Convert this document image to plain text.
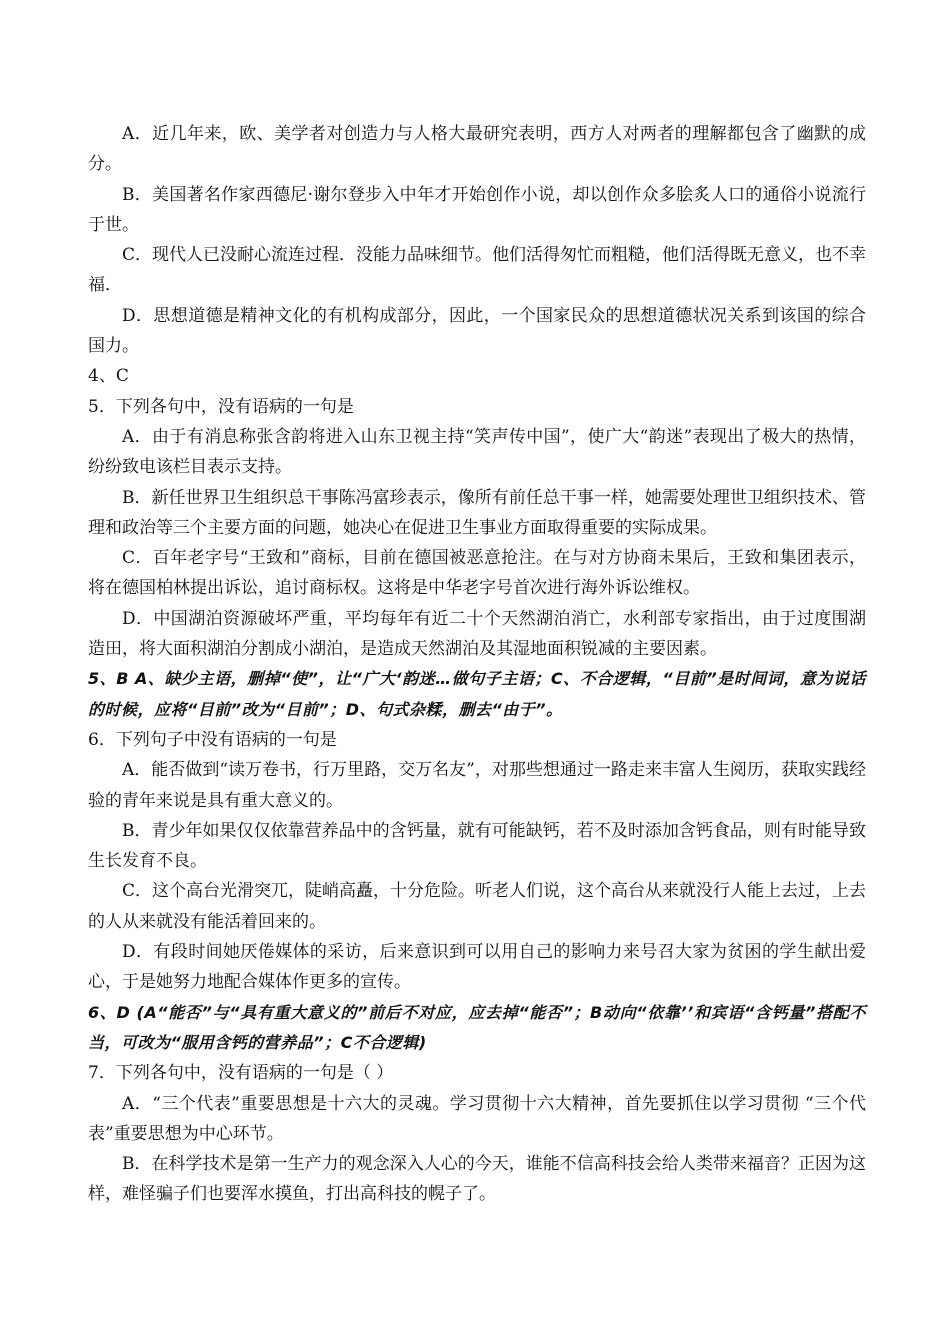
A．近几年来，欧、美学者对创造力与人格大最研究表明，西方人对两者的理解都包含了幽默的成分。

B．美国著名作家西德尼·谢尔登步入中年才开始创作小说，却以创作众多脍炙人口的通俗小说流行于世。

C．现代人已没耐心流连过程．没能力品味细节。他们活得匆忙而粗糙，他们活得既无意义，也不幸福．

D．思想道德是精神文化的有机构成部分，因此，一个国家民众的思想道德状况关系到该国的综合国力。

4、C

5．下列各句中，没有语病的一句是

A．由于有消息称张含韵将进入山东卫视主持“笑声传中国”，使广大“韵迷”表现出了极大的热情，纷纷致电该栏目表示支持。

B．新任世界卫生组织总干事陈冯富珍表示，像所有前任总干事一样，她需要处理世卫组织技术、管理和政治等三个主要方面的问题，她决心在促进卫生事业方面取得重要的实际成果。

C．百年老字号“王致和”商标，目前在德国被恶意抢注。在与对方协商未果后，王致和集团表示，将在德国柏林提出诉讼，追讨商标权。这将是中华老字号首次进行海外诉讼维权。

D．中国湖泊资源破坏严重，平均每年有近二十个天然湖泊消亡，水利部专家指出，由于过度围湖造田，将大面积湖泊分割成小湖泊，是造成天然湖泊及其湿地面积锐减的主要因素。

5、B A、缺少主语，删掉“使”，让“广大‘韵迷…做句子主语；C、不合逻辑，“目前”是时间词，意为说话的时候，应将“目前”改为“目前”；D、句式杂糅，删去“由于”。

6．下列句子中没有语病的一句是

A．能否做到“读万卷书，行万里路，交万名友”，对那些想通过一路走来丰富人生阅历，获取实践经验的青年来说是具有重大意义的。

B．青少年如果仅仅依靠营养品中的含钙量，就有可能缺钙，若不及时添加含钙食品，则有时能导致生长发育不良。

C．这个高台光滑突兀，陡峭高矗，十分危险。听老人们说，这个高台从来就没行人能上去过，上去的人从来就没有能活着回来的。

D．有段时间她厌倦媒体的采访，后来意识到可以用自己的影响力来号召大家为贫困的学生献出爱心，于是她努力地配合媒体作更多的宣传。

6、D (A“能否”与“具有重大意义的”前后不对应，应去掉“能否”；B动向“依靠’’和宾语“含钙量”搭配不当，可改为“服用含钙的营养品”；C不合逻辑)

7．下列各句中，没有语病的一句是（ ）

A．“三个代表”重要思想是十六大的灵魂。学习贯彻十六大精神，首先要抓住以学习贯彻 “三个代表”重要思想为中心环节。

B．在科学技术是第一生产力的观念深入人心的今天，谁能不信高科技会给人类带来福音？正因为这样，难怪骗子们也要浑水摸鱼，打出高科技的幌子了。
